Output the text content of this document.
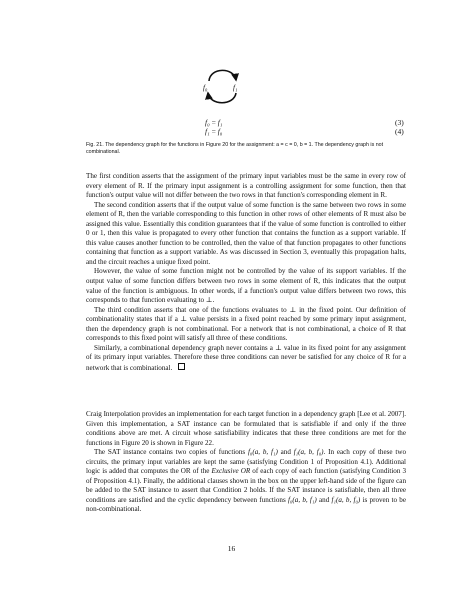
f₀	f₁
f₀ = f₁	(3)
f₁ = f₀	(4)
Fig. 21. The dependency graph for the functions in Figure 20 for the assignment: a = c = 0, b = 1. The dependency graph is not combinational.

The first condition asserts that the assignment of the primary input variables must be the same in every row of every element of R. If the primary input assignment is a controlling assignment for some function, then that function's output value will not differ between the two rows in that function's corresponding element in R.

The second condition asserts that if the output value of some function is the same between two rows in some element of R, then the variable corresponding to this function in other rows of other elements of R must also be assigned this value. Essentially this condition guarantees that if the value of some function is controlled to either 0 or 1, then this value is propagated to every other function that contains the function as a support variable. If this value causes another function to be controlled, then the value of that function propagates to other functions containing that function as a support variable. As was discussed in Section 3, eventually this propagation halts, and the circuit reaches a unique fixed point.

However, the value of some function might not be controlled by the value of its support variables. If the output value of some function differs between two rows in some element of R, this indicates that the output value of the function is ambiguous. In other words, if a function's output value differs between two rows, this corresponds to that function evaluating to ⊥.

The third condition asserts that one of the functions evaluates to ⊥ in the fixed point. Our definition of combinationality states that if a ⊥ value persists in a fixed point reached by some primary input assignment, then the dependency graph is not combinational. For a network that is not combinational, a choice of R that corresponds to this fixed point will satisfy all three of these conditions.

Similarly, a combinational dependency graph never contains a ⊥ value in its fixed point for any assignment of its primary input variables. Therefore these three conditions can never be satisfied for any choice of R for a network that is combinational.

Craig Interpolation provides an implementation for each target function in a dependency graph [Lee et al. 2007]. Given this implementation, a SAT instance can be formulated that is satisfiable if and only if the three conditions above are met. A circuit whose satisfiability indicates that these three conditions are met for the functions in Figure 20 is shown in Figure 22.

The SAT instance contains two copies of functions f₀(a, b, f₁) and f₁(a, b, f₀). In each copy of these two circuits, the primary input variables are kept the same (satisfying Condition 1 of Proposition 4.1). Additional logic is added that computes the OR of the Exclusive OR of each copy of each function (satisfying Condition 3 of Proposition 4.1). Finally, the additional clauses shown in the box on the upper left-hand side of the figure can be added to the SAT instance to assert that Condition 2 holds. If the SAT instance is satisfiable, then all three conditions are satisfied and the cyclic dependency between functions f₀(a, b, f₁) and f₁(a, b, f₀) is proven to be non-combinational.

16
